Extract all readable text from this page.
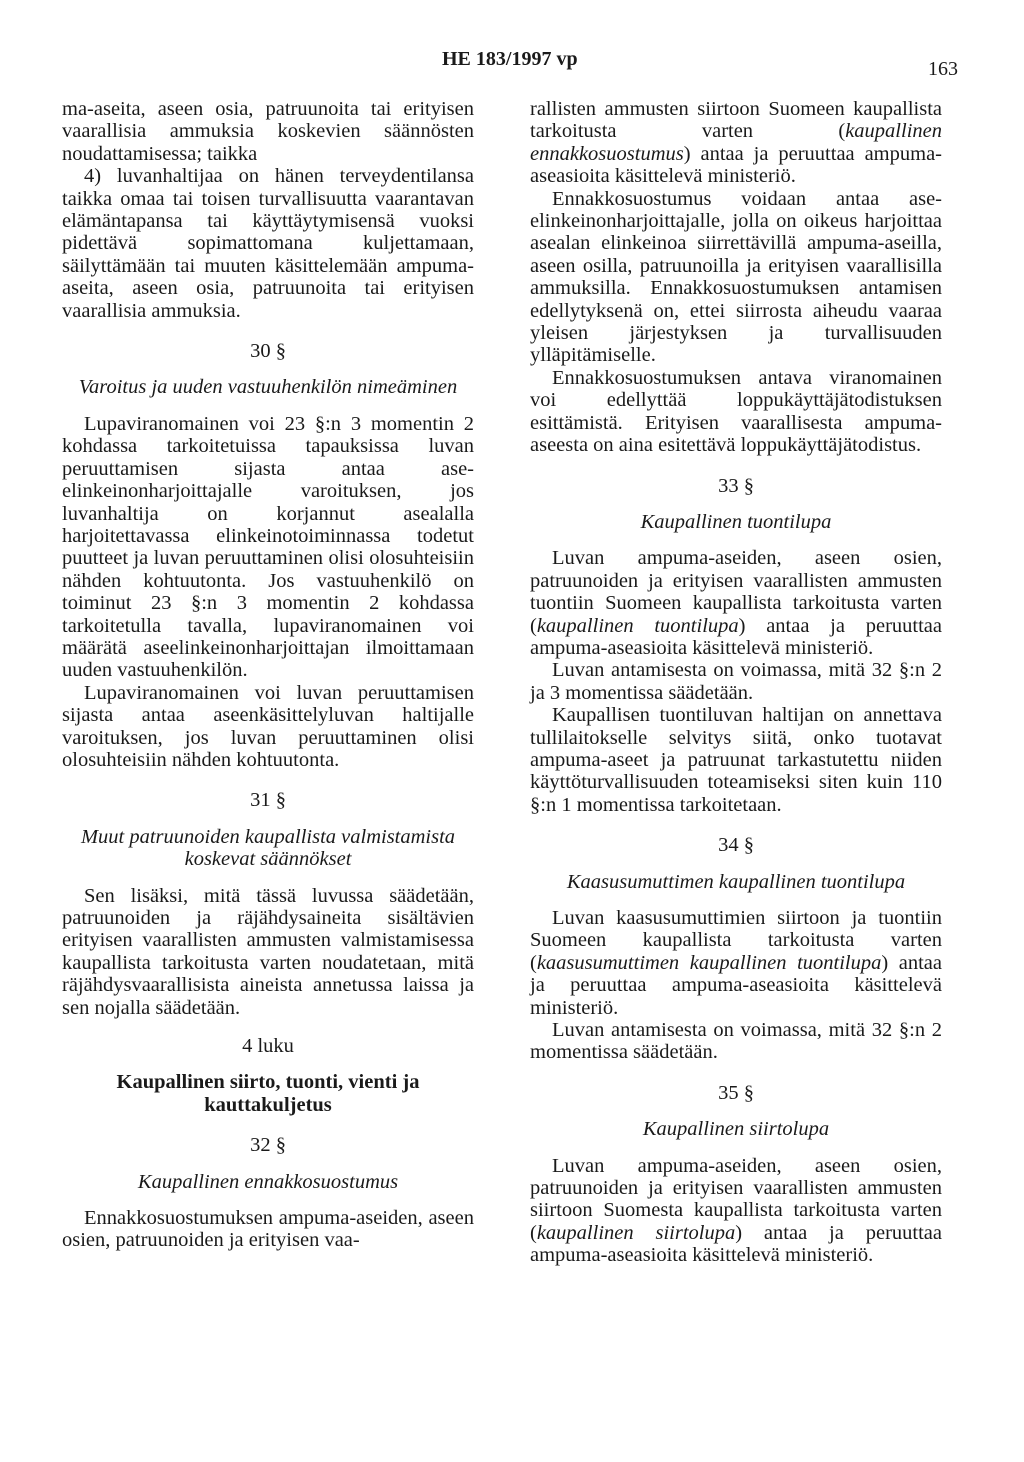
HE 183/1997 vp	163

ma-aseita, aseen osia, patruunoita tai erityisen vaarallisia ammuksia koskevien säännösten noudattamisessa; taikka

4) luvanhaltijaa on hänen terveydentilansa taikka omaa tai toisen turvallisuutta vaarantavan elämäntapansa tai käyttäytymisensä vuoksi pidettävä sopimattomana kuljettamaan, säilyttämään tai muuten käsittelemään ampuma-aseita, aseen osia, patruunoita tai erityisen vaarallisia ammuksia.

30 §
Varoitus ja uuden vastuuhenkilön nimeäminen

Lupaviranomainen voi 23 §:n 3 momentin 2 kohdassa tarkoitetuissa tapauksissa luvan peruuttamisen sijasta antaa ase-elinkeinonharjoittajalle varoituksen, jos luvanhaltija on korjannut asealalla harjoitettavassa elinkeinotoiminnassa todetut puutteet ja luvan peruuttaminen olisi olosuhteisiin nähden kohtuutonta. Jos vastuuhenkilö on toiminut 23 §:n 3 momentin 2 kohdassa tarkoitetulla tavalla, lupaviranomainen voi määrätä aseelinkeinonharjoittajan ilmoittamaan uuden vastuuhenkilön.

Lupaviranomainen voi luvan peruuttamisen sijasta antaa aseenkäsittelyluvan haltijalle varoituksen, jos luvan peruuttaminen olisi olosuhteisiin nähden kohtuutonta.

31 §
Muut patruunoiden kaupallista valmistamista koskevat säännökset

Sen lisäksi, mitä tässä luvussa säädetään, patruunoiden ja räjähdysaineita sisältävien erityisen vaarallisten ammusten valmistamisessa kaupallista tarkoitusta varten noudatetaan, mitä räjähdysvaarallisista aineista annetussa laissa ja sen nojalla säädetään.

4 luku
Kaupallinen siirto, tuonti, vienti ja kauttakuljetus
32 §
Kaupallinen ennakkosuostumus

Ennakkosuostumuksen ampuma-aseiden, aseen osien, patruunoiden ja erityisen vaa-

rallisten ammusten siirtoon Suomeen kaupallista tarkoitusta varten (kaupallinen ennakkosuostumus) antaa ja peruuttaa ampuma-aseasioita käsittelevä ministeriö.

Ennakkosuostumus voidaan antaa ase-elinkeinonharjoittajalle, jolla on oikeus harjoittaa asealan elinkeinoa siirrettävillä ampuma-aseilla, aseen osilla, patruunoilla ja erityisen vaarallisilla ammuksilla. Ennakkosuostumuksen antamisen edellytyksenä on, ettei siirrosta aiheudu vaaraa yleisen järjestyksen ja turvallisuuden ylläpitämiselle.

Ennakkosuostumuksen antava viranomainen voi edellyttää loppukäyttäjätodistuksen esittämistä. Erityisen vaarallisesta ampuma-aseesta on aina esitettävä loppukäyttäjätodistus.

33 §
Kaupallinen tuontilupa

Luvan ampuma-aseiden, aseen osien, patruunoiden ja erityisen vaarallisten ammusten tuontiin Suomeen kaupallista tarkoitusta varten (kaupallinen tuontilupa) antaa ja peruuttaa ampuma-aseasioita käsittelevä ministeriö.

Luvan antamisesta on voimassa, mitä 32 §:n 2 ja 3 momentissa säädetään.

Kaupallisen tuontiluvan haltijan on annettava tullilaitokselle selvitys siitä, onko tuotavat ampuma-aseet ja patruunat tarkastutettu niiden käyttöturvallisuuden toteamiseksi siten kuin 110 §:n 1 momentissa tarkoitetaan.

34 §
Kaasusumuttimen kaupallinen tuontilupa

Luvan kaasusumuttimien siirtoon ja tuontiin Suomeen kaupallista tarkoitusta varten (kaasusumuttimen kaupallinen tuontilupa) antaa ja peruuttaa ampuma-aseasioita käsittelevä ministeriö.

Luvan antamisesta on voimassa, mitä 32 §:n 2 momentissa säädetään.

35 §
Kaupallinen siirtolupa

Luvan ampuma-aseiden, aseen osien, patruunoiden ja erityisen vaarallisten ammusten siirtoon Suomesta kaupallista tarkoitusta varten (kaupallinen siirtolupa) antaa ja peruuttaa ampuma-aseasioita käsittelevä ministeriö.
